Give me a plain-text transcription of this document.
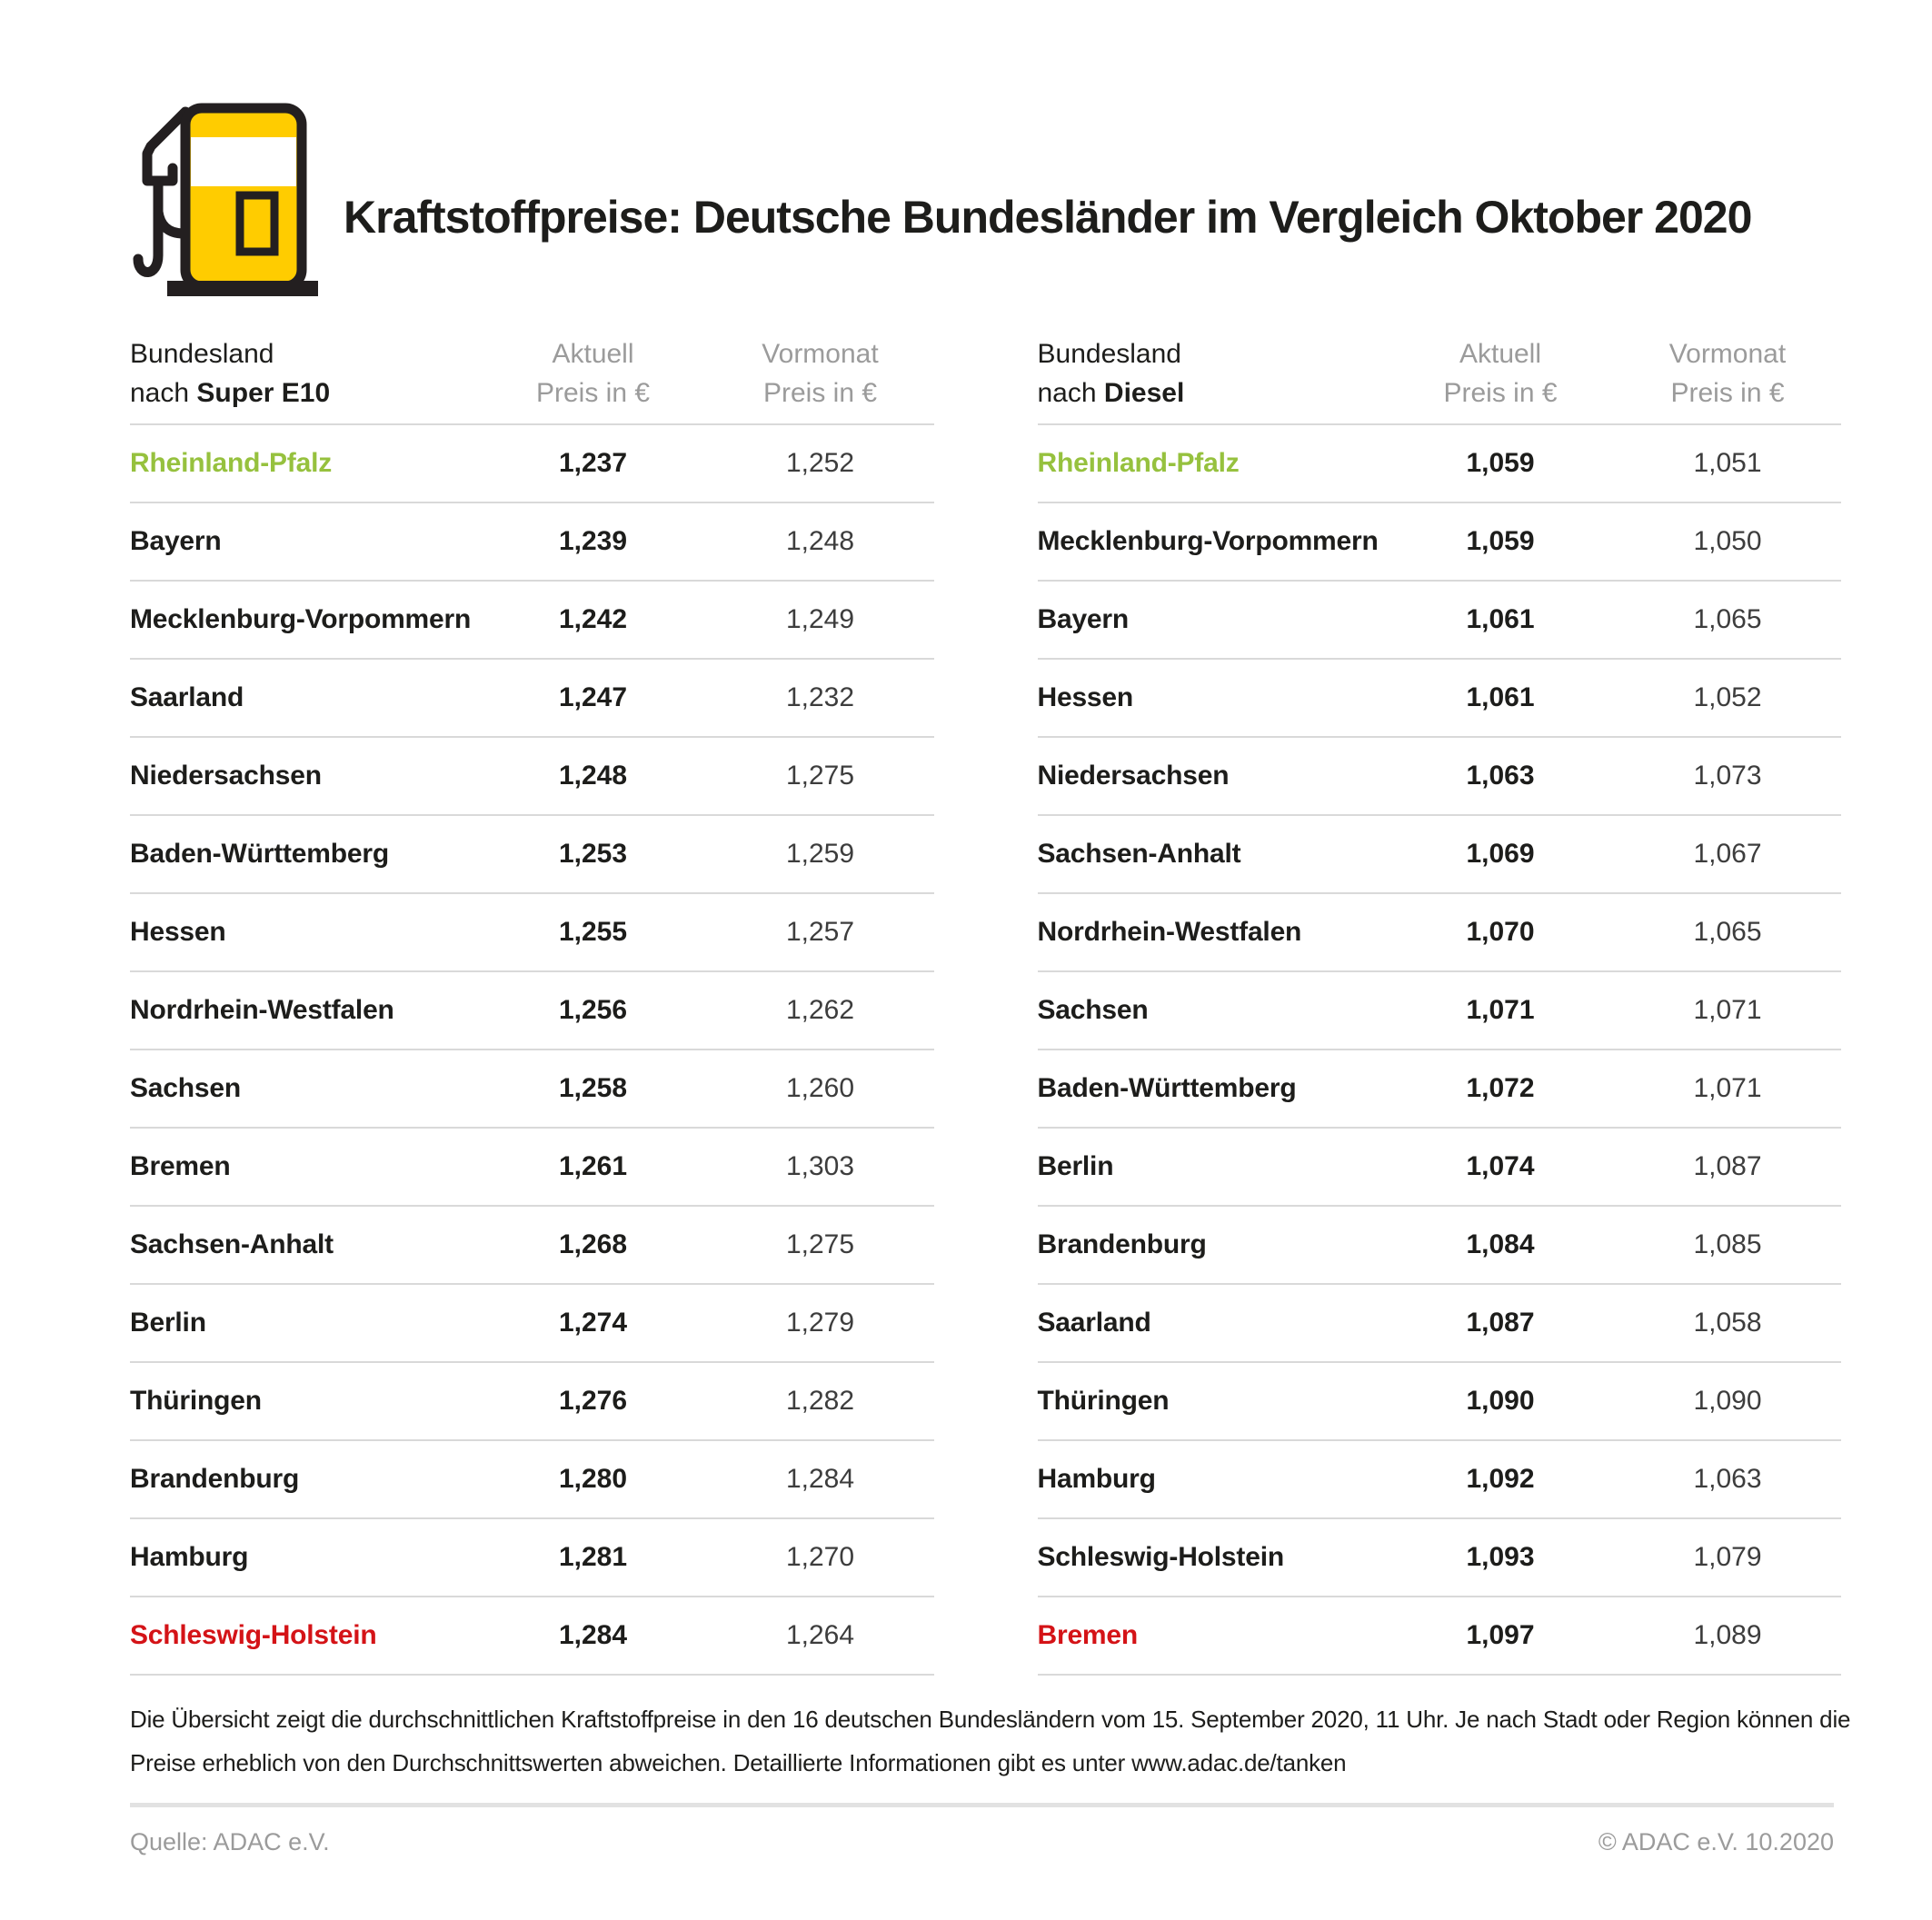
Kraftstoffpreise: Deutsche Bundesländer im Vergleich Oktober 2020
Bundesland
nach Super E10
Aktuell
Preis in €
Vormonat
Preis in €
Rheinland-Pfalz	1,237	1,252
Bayern	1,239	1,248
Mecklenburg-Vorpommern	1,242	1,249
Saarland	1,247	1,232
Niedersachsen	1,248	1,275
Baden-Württemberg	1,253	1,259
Hessen	1,255	1,257
Nordrhein-Westfalen	1,256	1,262
Sachsen	1,258	1,260
Bremen	1,261	1,303
Sachsen-Anhalt	1,268	1,275
Berlin	1,274	1,279
Thüringen	1,276	1,282
Brandenburg	1,280	1,284
Hamburg	1,281	1,270
Schleswig-Holstein	1,284	1,264
Bundesland
nach Diesel
Aktuell
Preis in €
Vormonat
Preis in €
Rheinland-Pfalz	1,059	1,051
Mecklenburg-Vorpommern	1,059	1,050
Bayern	1,061	1,065
Hessen	1,061	1,052
Niedersachsen	1,063	1,073
Sachsen-Anhalt	1,069	1,067
Nordrhein-Westfalen	1,070	1,065
Sachsen	1,071	1,071
Baden-Württemberg	1,072	1,071
Berlin	1,074	1,087
Brandenburg	1,084	1,085
Saarland	1,087	1,058
Thüringen	1,090	1,090
Hamburg	1,092	1,063
Schleswig-Holstein	1,093	1,079
Bremen	1,097	1,089
Die Übersicht zeigt die durchschnittlichen Kraftstoffpreise in den 16 deutschen Bundesländern vom 15. September 2020, 11 Uhr. Je nach Stadt oder Region können die
Preise erheblich von den Durchschnittswerten abweichen. Detaillierte Informationen gibt es unter www.adac.de/tanken
Quelle: ADAC e.V.	© ADAC e.V. 10.2020
